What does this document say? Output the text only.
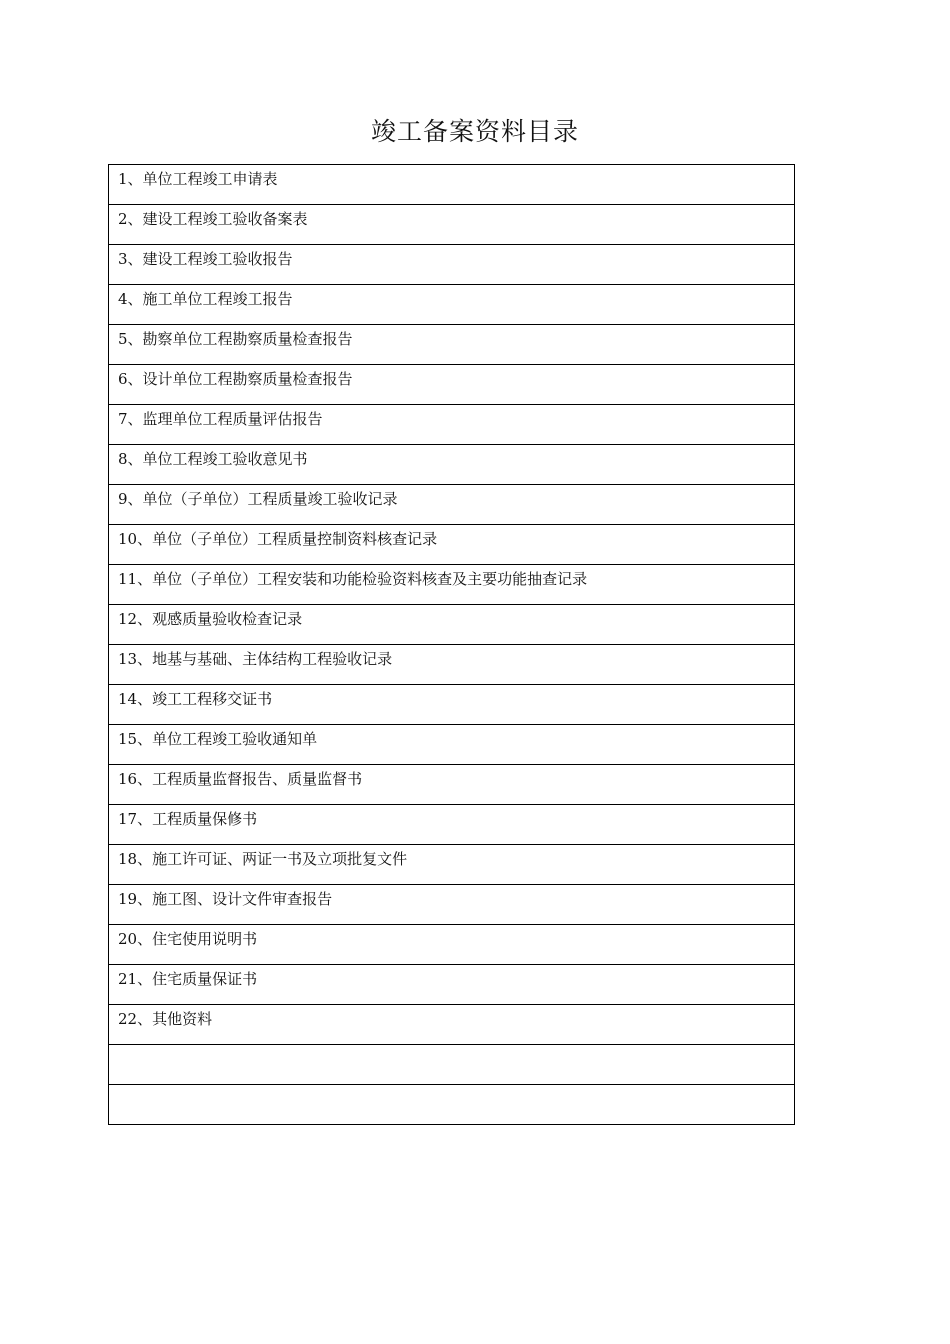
竣工备案资料目录
1、单位工程竣工申请表
2、建设工程竣工验收备案表
3、建设工程竣工验收报告
4、施工单位工程竣工报告
5、勘察单位工程勘察质量检查报告
6、设计单位工程勘察质量检查报告
7、监理单位工程质量评估报告
8、单位工程竣工验收意见书
9、单位（子单位）工程质量竣工验收记录
10、单位（子单位）工程质量控制资料核查记录
11、单位（子单位）工程安装和功能检验资料核查及主要功能抽查记录
12、观感质量验收检查记录
13、地基与基础、主体结构工程验收记录
14、竣工工程移交证书
15、单位工程竣工验收通知单
16、工程质量监督报告、质量监督书
17、工程质量保修书
18、施工许可证、两证一书及立项批复文件
19、施工图、设计文件审查报告
20、住宅使用说明书
21、住宅质量保证书
22、其他资料
